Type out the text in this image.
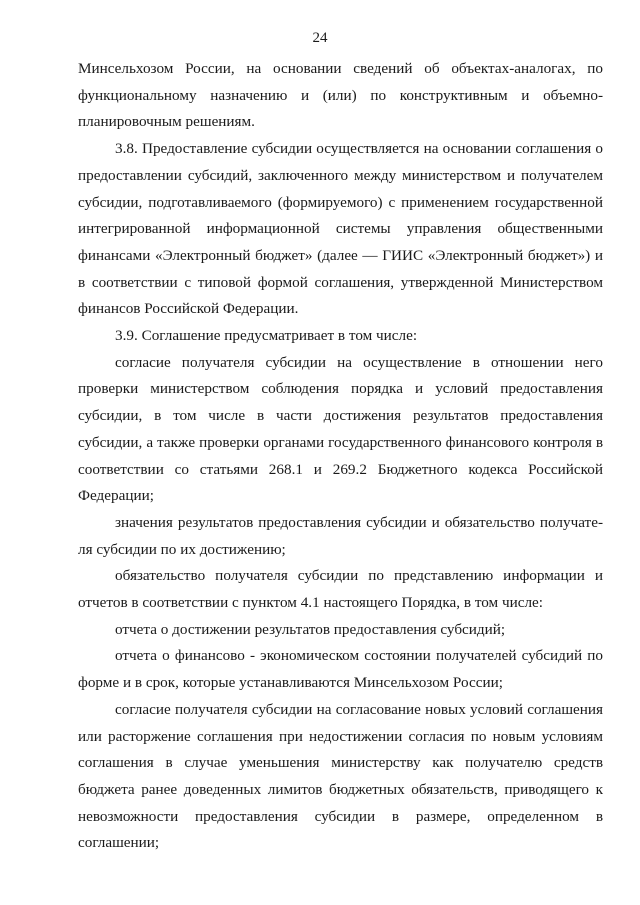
24

Минсельхозом России, на основании сведений об объектах-аналогах, по функциональному назначению и (или) по конструктивным и объемно-планировочным решениям.

3.8. Предоставление субсидии осуществляется на основании соглашения о предоставлении субсидий, заключенного между министерством и получателем субсидии, подготавливаемого (формируемого) с применением государственной интегрированной информационной системы управления общественными финансами «Электронный бюджет» (далее — ГИИС «Электронный бюджет») и в соответствии с типовой формой соглашения, утвержденной Министерством финансов Российской Федерации.

3.9. Соглашение предусматривает в том числе:

согласие получателя субсидии на осуществление в отношении него проверки министерством соблюдения порядка и условий предоставления субсидии, в том числе в части достижения результатов предоставления субсидии, а также проверки органами государственного финансового контроля в соответствии со статьями 268.1 и 269.2 Бюджетного кодекса Российской Федерации;

значения результатов предоставления субсидии и обязательство получателя субсидии по их достижению;

обязательство получателя субсидии по представлению информации и отчетов в соответствии с пунктом 4.1 настоящего Порядка, в том числе:

отчета о достижении результатов предоставления субсидий;

отчета о финансово - экономическом состоянии получателей субсидий по форме и в срок, которые устанавливаются Минсельхозом России;

согласие получателя субсидии на согласование новых условий соглашения или расторжение соглашения при недостижении согласия по новым условиям соглашения в случае уменьшения министерству как получателю средств бюджета ранее доведенных лимитов бюджетных обязательств, приводящего к невозможности предоставления субсидии в размере, определенном в соглашении;
